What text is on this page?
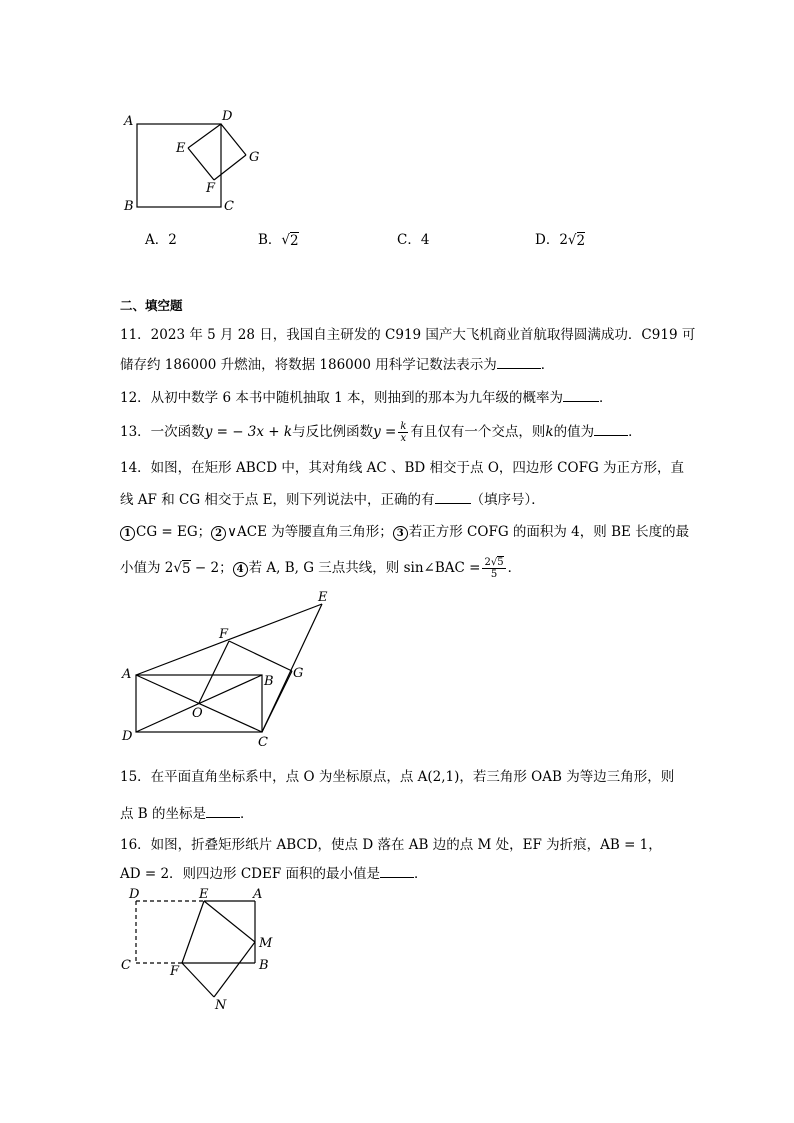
A
B	C
D
E
F
G
A．2	B．√ 2	C．4	D．2√ 2
二、填空题
11．2023 年 5 月 28 日，我国自主研发的 C919 国产大飞机商业首航取得圆满成功．C919 可
储存约 186000 升燃油，将数据 186000 用科学记数法表示为	．
12．从初中数学 6 本书中随机抽取 1 本，则抽到的那本为九年级的概率为	．
13．一次函数y = − 3x + k与反比例函数$y = \frac{k}{x}$ 有且仅有一个交点，则k的值为	．
14．如图，在矩形 ABCD 中，其对角线 AC 、BD 相交于点 O，四边形 COFG 为正方形，直
线 AF 和 CG 相交于点 E，则下列说法中，正确的有	（填序号）．
1 CG = EG； 2 ∨ACE 为等腰直角三角形； 3 若正方形 COFG 的面积为 4，则 BE 长度的最
小值为 2√ 5 − 2； 4 若 A, B, G 三点共线，则 sin∠BAC = $\frac{2√5}{5}$ ．
A	B
C
D
E
F
G
O
15．在平面直角坐标系中，点 O 为坐标原点，点 A(2,1)，若三角形 OAB 为等边三角形，则
点 B 的坐标是	．
16．如图，折叠矩形纸片 ABCD，使点 D 落在 AB 边的点 M 处，EF 为折痕，AB = 1，
AD = 2．则四边形 CDEF 面积的最小值是	．
D	E	A
M
B
C	F
N
